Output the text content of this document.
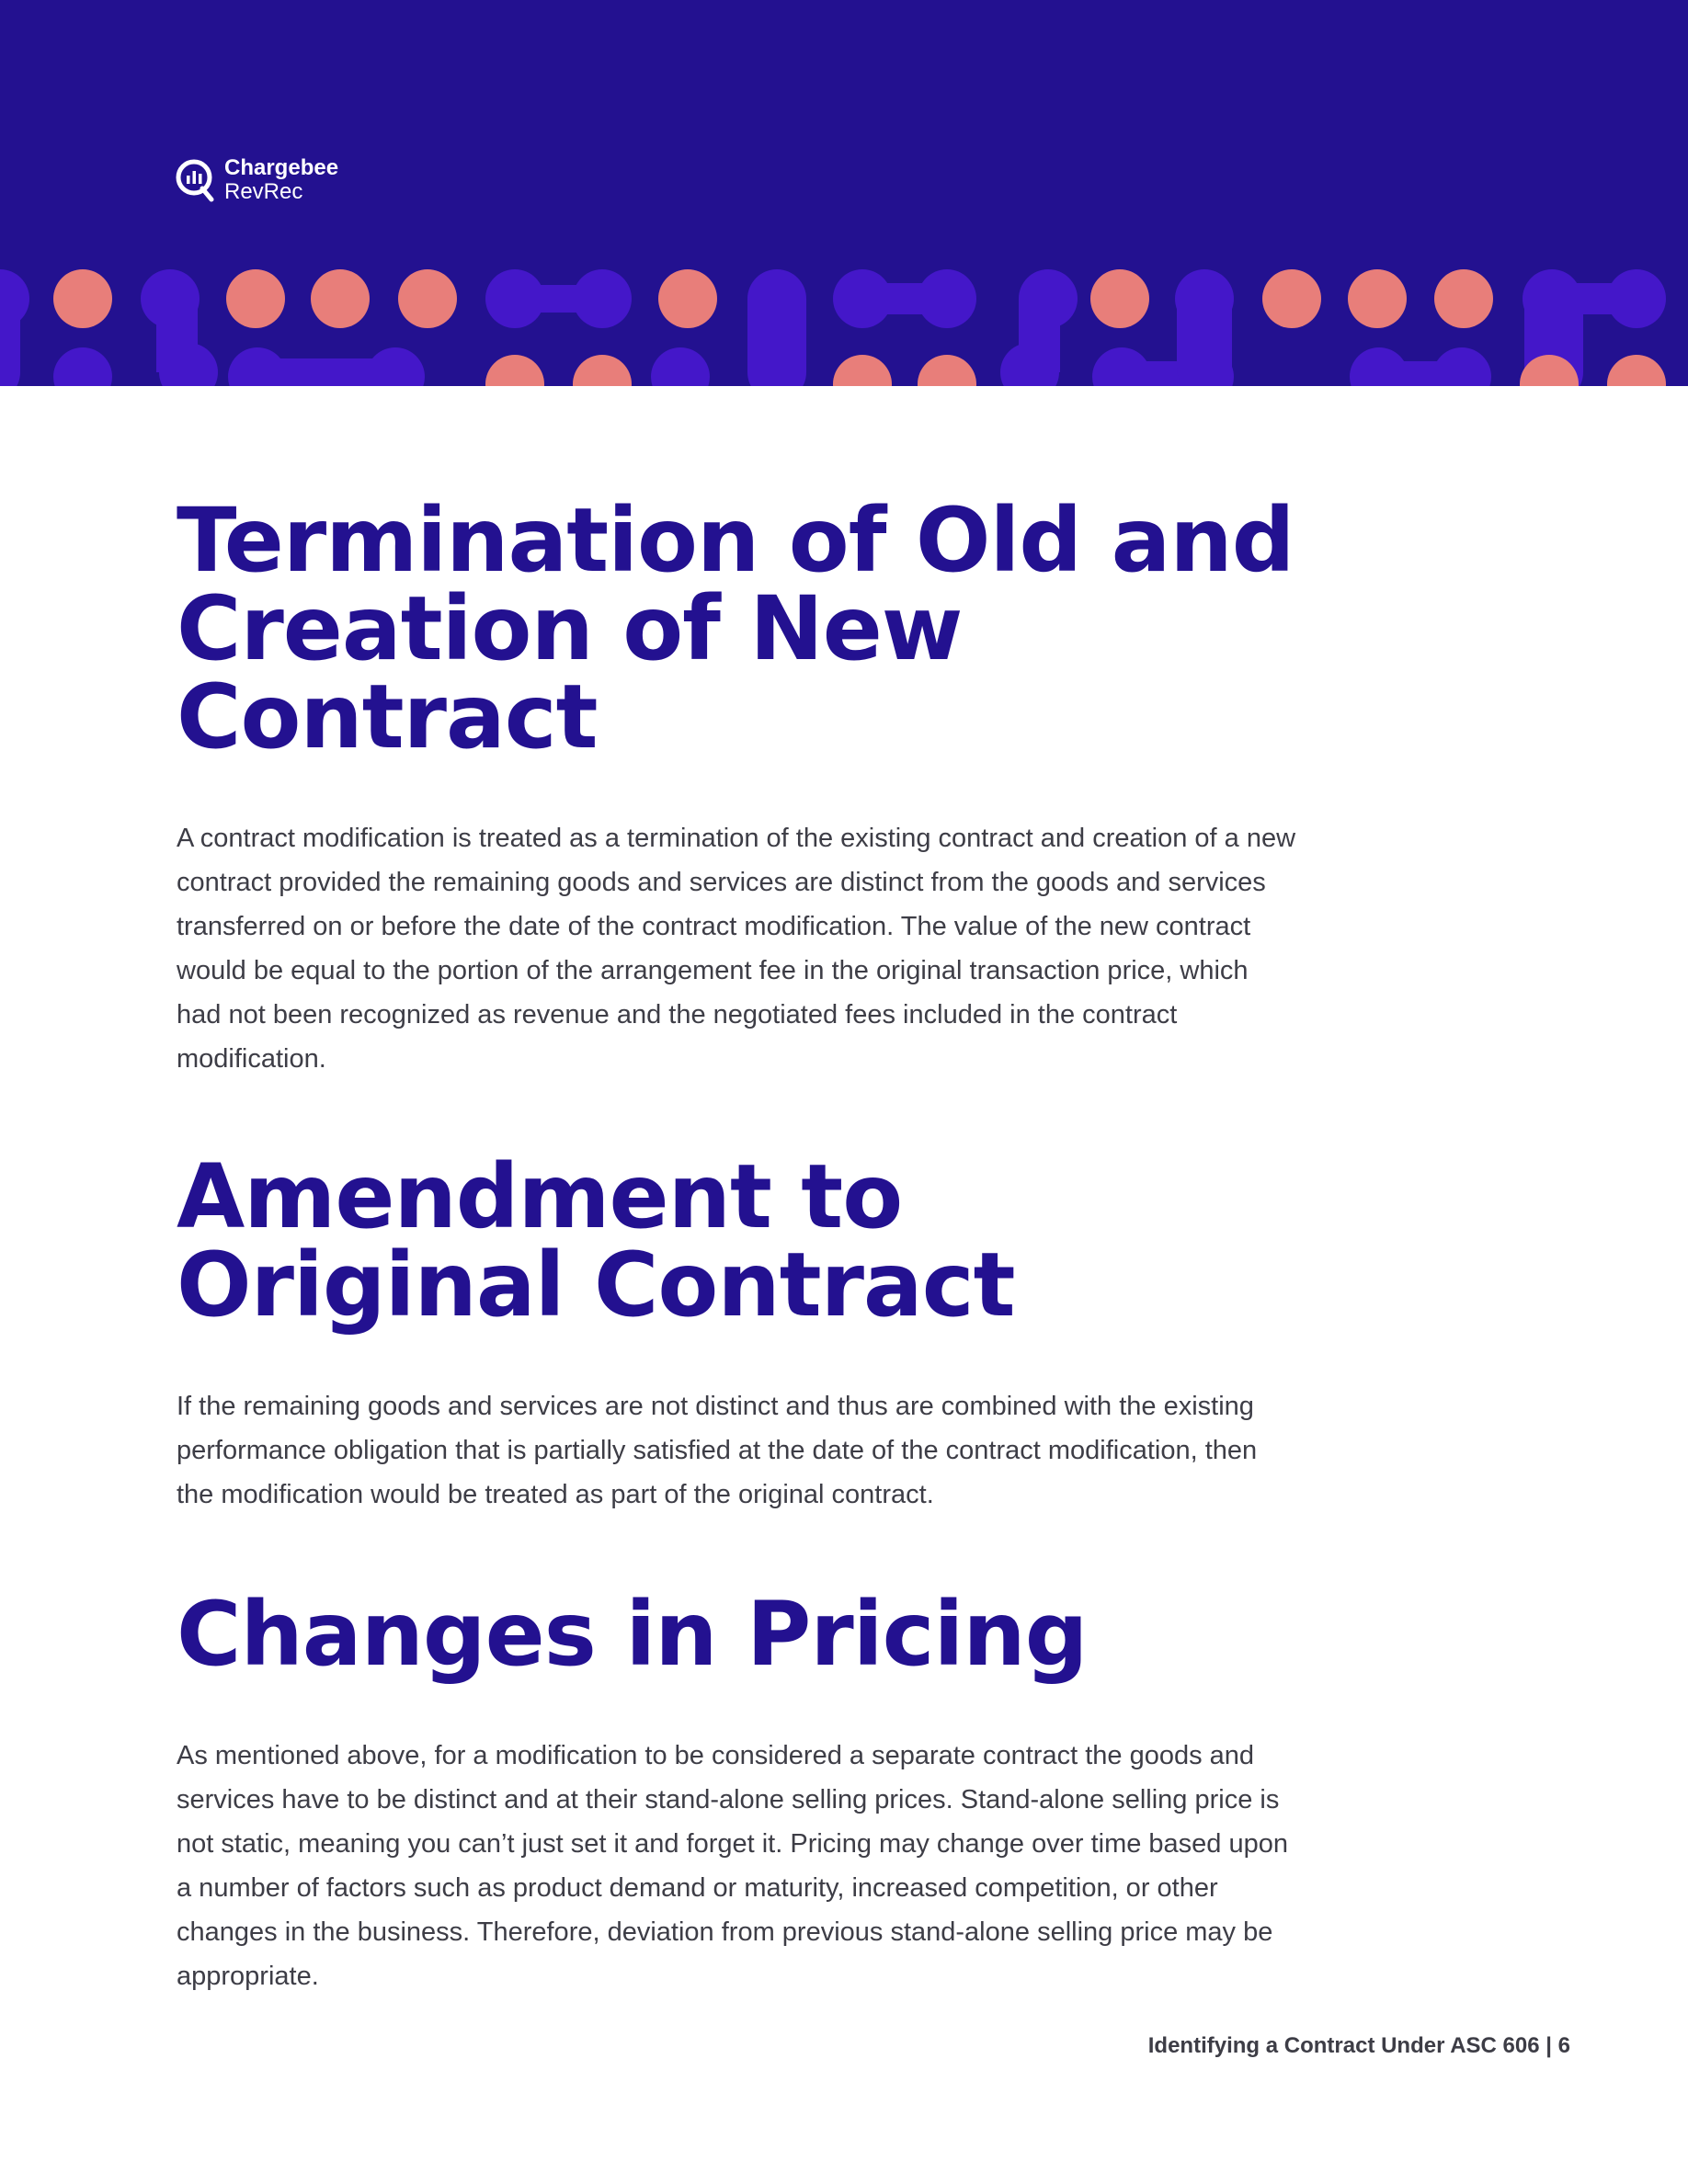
Chargebee
RevRec
Termination of Old and Creation of New Contract

A contract modification is treated as a termination of the existing contract and creation of a new contract provided the remaining goods and services are distinct from the goods and services transferred on or before the date of the contract modification. The value of the new contract would be equal to the portion of the arrangement fee in the original transaction price, which had not been recognized as revenue and the negotiated fees included in the contract modification.

Amendment to Original Contract

If the remaining goods and services are not distinct and thus are combined with the existing performance obligation that is partially satisfied at the date of the contract modification, then the modification would be treated as part of the original contract.

Changes in Pricing

As mentioned above, for a modification to be considered a separate contract the goods and services have to be distinct and at their stand-alone selling prices. Stand-alone selling price is not static, meaning you can’t just set it and forget it. Pricing may change over time based upon a number of factors such as product demand or maturity, increased competition, or other changes in the business. Therefore, deviation from previous stand-alone selling price may be appropriate.

Identifying a Contract Under ASC 606 | 6
